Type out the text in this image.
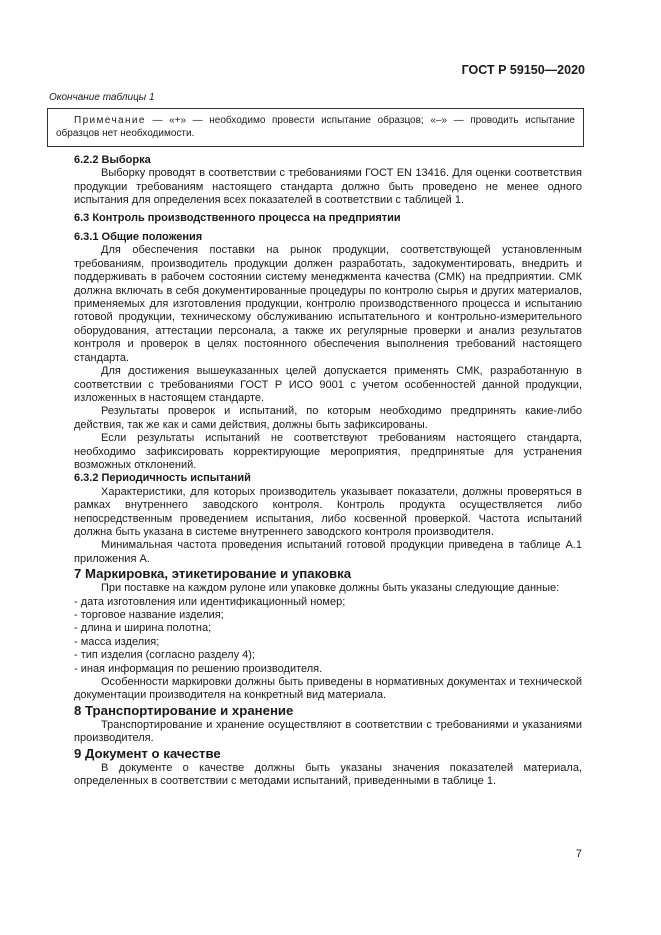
ГОСТ Р 59150—2020
Окончание таблицы 1
Примечание — «+» — необходимо провести испытание образцов; «–» — проводить испытание образцов нет необходимости.

6.2.2 Выборка

Выборку проводят в соответствии с требованиями ГОСТ EN 13416. Для оценки соответствия продукции требованиям настоящего стандарта должно быть проведено не менее одного испытания для определения всех показателей в соответствии с таблицей 1.

6.3 Контроль производственного процесса на предприятии

6.3.1 Общие положения

Для обеспечения поставки на рынок продукции, соответствующей установленным требованиям, производитель продукции должен разработать, задокументировать, внедрить и поддерживать в рабочем состоянии систему менеджмента качества (СМК) на предприятии. СМК должна включать в себя документированные процедуры по контролю сырья и других материалов, применяемых для изготовления продукции, контролю производственного процесса и испытанию готовой продукции, техническому обслуживанию испытательного и контрольно-измерительного оборудования, аттестации персонала, а также их регулярные проверки и анализ результатов контроля и проверок в целях постоянного обеспечения выполнения требований настоящего стандарта.

Для достижения вышеуказанных целей допускается применять СМК, разработанную в соответствии с требованиями ГОСТ Р ИСО 9001 с учетом особенностей данной продукции, изложенных в настоящем стандарте.

Результаты проверок и испытаний, по которым необходимо предпринять какие-либо действия, так же как и сами действия, должны быть зафиксированы.

Если результаты испытаний не соответствуют требованиям настоящего стандарта, необходимо зафиксировать корректирующие мероприятия, предпринятые для устранения возможных отклонений.

6.3.2 Периодичность испытаний

Характеристики, для которых производитель указывает показатели, должны проверяться в рамках внутреннего заводского контроля. Контроль продукта осуществляется либо непосредственным проведением испытания, либо косвенной проверкой. Частота испытаний должна быть указана в системе внутреннего заводского контроля производителя.

Минимальная частота проведения испытаний готовой продукции приведена в таблице А.1 приложения А.

7 Маркировка, этикетирование и упаковка

При поставке на каждом рулоне или упаковке должны быть указаны следующие данные:

- дата изготовления или идентификационный номер;

- торговое название изделия;

- длина и ширина полотна;

- масса изделия;

- тип изделия (согласно разделу 4);

- иная информация по решению производителя.

Особенности маркировки должны быть приведены в нормативных документах и технической документации производителя на конкретный вид материала.

8 Транспортирование и хранение

Транспортирование и хранение осуществляют в соответствии с требованиями и указаниями производителя.

9 Документ о качестве

В документе о качестве должны быть указаны значения показателей материала, определенных в соответствии с методами испытаний, приведенными в таблице 1.

7
